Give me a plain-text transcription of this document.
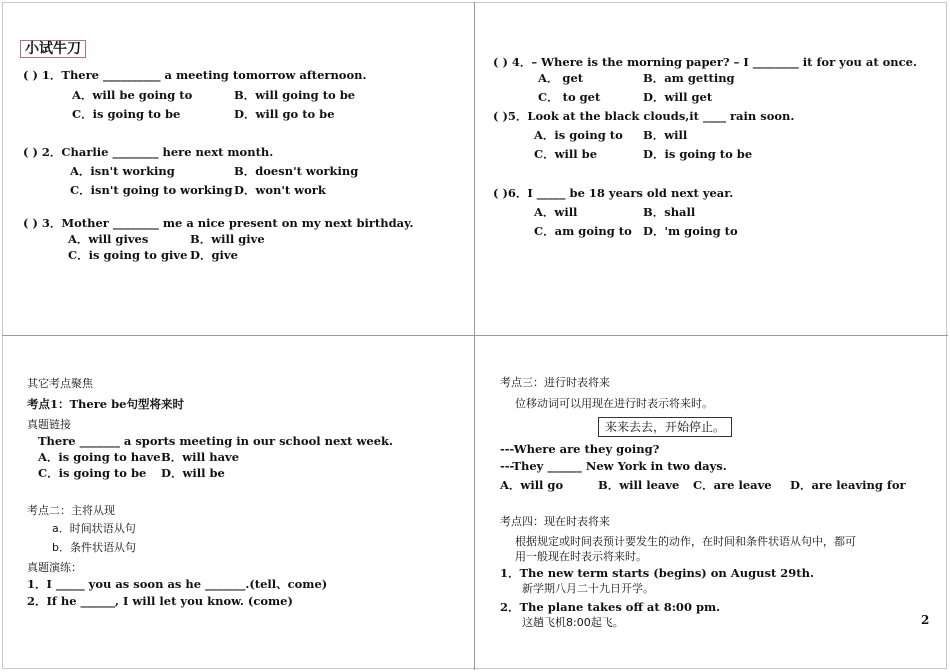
小试牛刀
( ) 1．There __________ a meeting tomorrow afternoon.
A．will be going to	B．will going to be
C．is going to be	D．will go to be
( ) 2．Charlie ________ here next month.
A．isn't working	B．doesn't working
C．isn't going to working D．won't work
( ) 3．Mother ________ me a nice present on my next birthday.
A．will gives	B．will give
C．is going to give D．give
( ) 4．– Where is the morning paper? – I ________ it for you at once.
A． get	B．am getting
C． to get	D．will get
( )5．Look at the black clouds,it ____ rain soon.
A．is going to B．will
C．will be	D．is going to be
( )6．I _____ be 18 years old next year.
A．will	B．shall
C．am going to D．'m going to
其它考点聚焦
考点1：There be句型将来时
真题链接
There _______ a sports meeting in our school next week.
A．is going to have B．will have
C．is going to be D．will be
考点二：主将从现
a．时间状语从句
b．条件状语从句
真题演练：
1．I _____ you as soon as he _______.(tell、come)
2．If he ______, I will let you know. (come)
考点三：进行时表将来
位移动词可以用现在进行时表示将来时。
来来去去，开始停止。
---Where are they going?
---They ______ New York in two days.
A．will go	B．will leave C．are leave D．are leaving for
考点四：现在时表将来
根据规定或时间表预计要发生的动作，在时间和条件状语从句中，都可
用一般现在时表示将来时。
1．The new term starts (begins) on August 29th.
新学期八月二十九日开学。
2．The plane takes off at 8:00 pm.
这趟飞机8:00起飞。	2
